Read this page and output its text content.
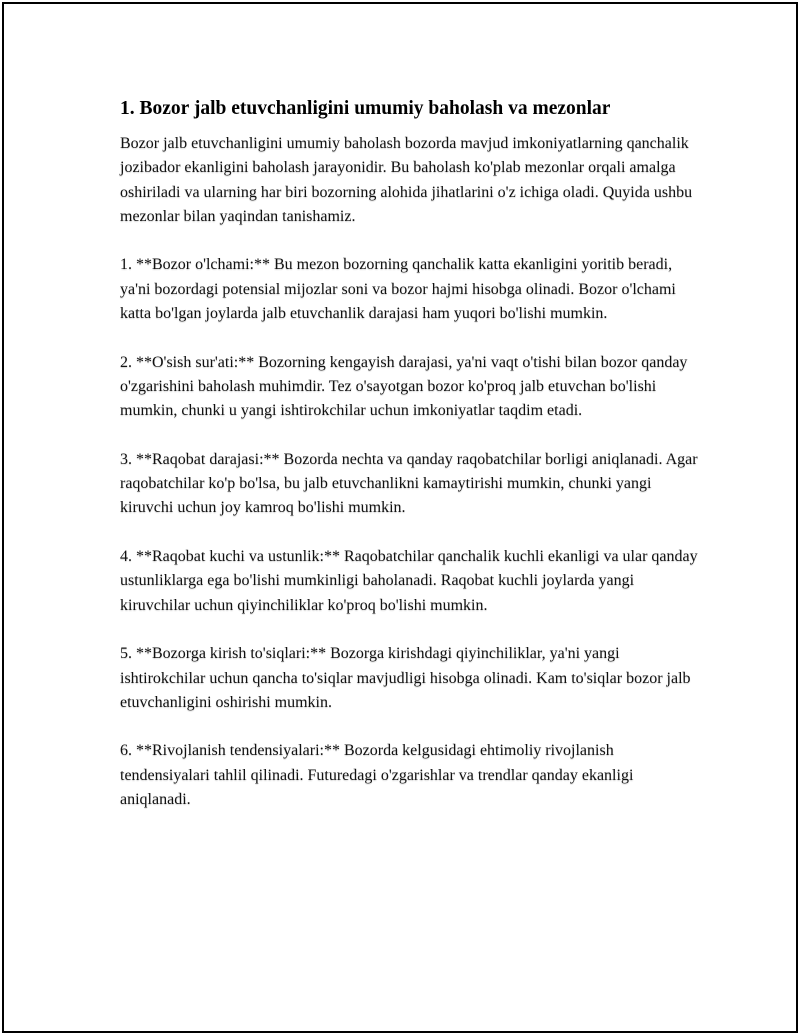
1. Bozor jalb etuvchanligini umumiy baholash va mezonlar

Bozor jalb etuvchanligini umumiy baholash bozorda mavjud imkoniyatlarning qanchalik jozibador ekanligini baholash jarayonidir. Bu baholash ko'plab mezonlar orqali amalga oshiriladi va ularning har biri bozorning alohida jihatlarini o'z ichiga oladi. Quyida ushbu mezonlar bilan yaqindan tanishamiz.

1. **Bozor o'lchami:** Bu mezon bozorning qanchalik katta ekanligini yoritib beradi, ya'ni bozordagi potensial mijozlar soni va bozor hajmi hisobga olinadi. Bozor o'lchami katta bo'lgan joylarda jalb etuvchanlik darajasi ham yuqori bo'lishi mumkin.

2. **O'sish sur'ati:** Bozorning kengayish darajasi, ya'ni vaqt o'tishi bilan bozor qanday o'zgarishini baholash muhimdir. Tez o'sayotgan bozor ko'proq jalb etuvchan bo'lishi mumkin, chunki u yangi ishtirokchilar uchun imkoniyatlar taqdim etadi.

3. **Raqobat darajasi:** Bozorda nechta va qanday raqobatchilar borligi aniqlanadi. Agar raqobatchilar ko'p bo'lsa, bu jalb etuvchanlikni kamaytirishi mumkin, chunki yangi kiruvchi uchun joy kamroq bo'lishi mumkin.

4. **Raqobat kuchi va ustunlik:** Raqobatchilar qanchalik kuchli ekanligi va ular qanday ustunliklarga ega bo'lishi mumkinligi baholanadi. Raqobat kuchli joylarda yangi kiruvchilar uchun qiyinchiliklar ko'proq bo'lishi mumkin.

5. **Bozorga kirish to'siqlari:** Bozorga kirishdagi qiyinchiliklar, ya'ni yangi ishtirokchilar uchun qancha to'siqlar mavjudligi hisobga olinadi. Kam to'siqlar bozor jalb etuvchanligini oshirishi mumkin.

6. **Rivojlanish tendensiyalari:** Bozorda kelgusidagi ehtimoliy rivojlanish tendensiyalari tahlil qilinadi. Futuredagi o'zgarishlar va trendlar qanday ekanligi aniqlanadi.
